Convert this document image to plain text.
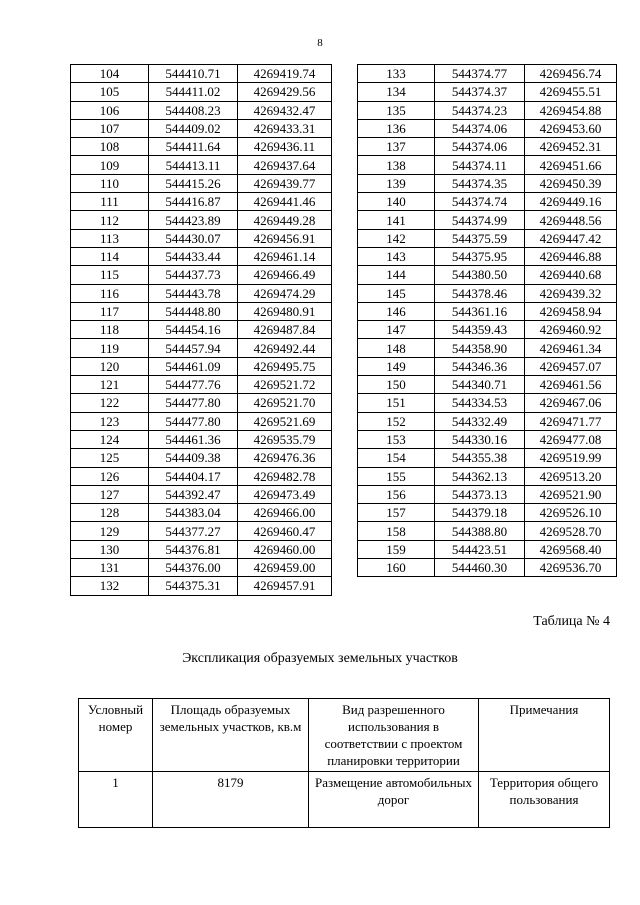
8
104	544410.71	4269419.74
105	544411.02	4269429.56
106	544408.23	4269432.47
107	544409.02	4269433.31
108	544411.64	4269436.11
109	544413.11	4269437.64
110	544415.26	4269439.77
111	544416.87	4269441.46
112	544423.89	4269449.28
113	544430.07	4269456.91
114	544433.44	4269461.14
115	544437.73	4269466.49
116	544443.78	4269474.29
117	544448.80	4269480.91
118	544454.16	4269487.84
119	544457.94	4269492.44
120	544461.09	4269495.75
121	544477.76	4269521.72
122	544477.80	4269521.70
123	544477.80	4269521.69
124	544461.36	4269535.79
125	544409.38	4269476.36
126	544404.17	4269482.78
127	544392.47	4269473.49
128	544383.04	4269466.00
129	544377.27	4269460.47
130	544376.81	4269460.00
131	544376.00	4269459.00
132	544375.31	4269457.91
133	544374.77	4269456.74
134	544374.37	4269455.51
135	544374.23	4269454.88
136	544374.06	4269453.60
137	544374.06	4269452.31
138	544374.11	4269451.66
139	544374.35	4269450.39
140	544374.74	4269449.16
141	544374.99	4269448.56
142	544375.59	4269447.42
143	544375.95	4269446.88
144	544380.50	4269440.68
145	544378.46	4269439.32
146	544361.16	4269458.94
147	544359.43	4269460.92
148	544358.90	4269461.34
149	544346.36	4269457.07
150	544340.71	4269461.56
151	544334.53	4269467.06
152	544332.49	4269471.77
153	544330.16	4269477.08
154	544355.38	4269519.99
155	544362.13	4269513.20
156	544373.13	4269521.90
157	544379.18	4269526.10
158	544388.80	4269528.70
159	544423.51	4269568.40
160	544460.30	4269536.70
Таблица № 4
Экспликация образуемых земельных участков
Условный номер	Площадь образуемых земельных участков, кв.м	Вид разрешенного использования в соответствии с проектом планировки территории	Примечания
1	8179	Размещение автомобильных дорог	Территория общего пользования
